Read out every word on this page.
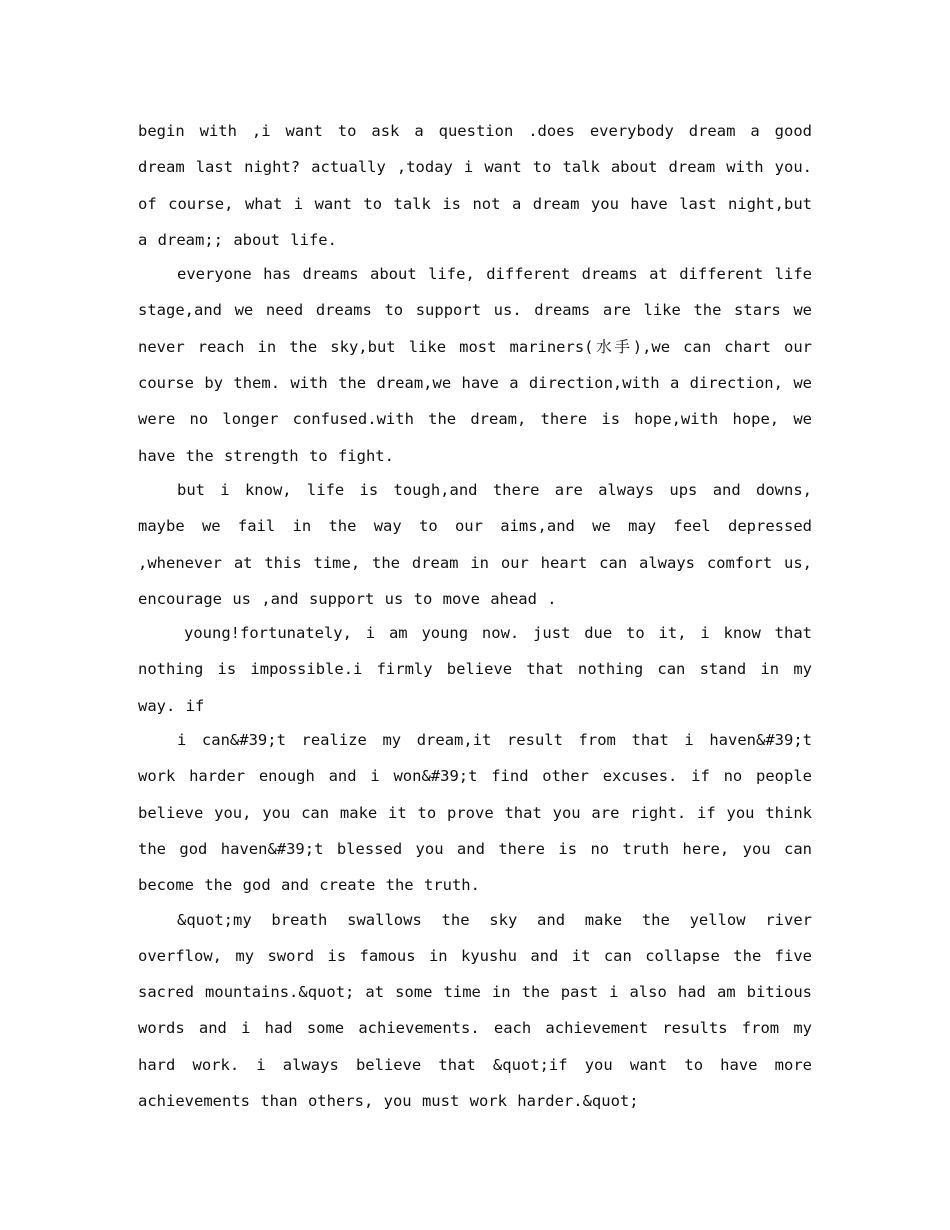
begin with ,i want to ask a question .does everybody dream a good dream last night? actually ,today i want to talk about dream with you. of course, what i want to talk is not a dream you have last night,but a dream;; about life.

everyone has dreams about life, different dreams at different life stage,and we need dreams to support us. dreams are like the stars we never reach in the sky,but like most mariners(水手),we can chart our course by them. with the dream,we have a direction,with a direction, we were no longer confused.with the dream, there is hope,with hope, we have the strength to fight.

but i know, life is tough,and there are always ups and downs, maybe we fail in the way to our aims,and we may feel depressed ,whenever at this time, the dream in our heart can always comfort us, encourage us ,and support us to move ahead .

young!fortunately, i am young now. just due to it, i know that nothing is impossible.i firmly believe that nothing can stand in my way. if

i can&#39;t realize my dream,it result from that i haven&#39;t work harder enough and i won&#39;t find other excuses. if no people believe you, you can make it to prove that you are right. if you think the god haven&#39;t blessed you and there is no truth here, you can become the god and create the truth.

&quot;my breath swallows the sky and make the yellow river overflow, my sword is famous in kyushu and it can collapse the five sacred mountains.&quot; at some time in the past i also had am bitious words and i had some achievements. each achievement results from my hard work. i always believe that &quot;if you want to have more achievements than others, you must work harder.&quot;
